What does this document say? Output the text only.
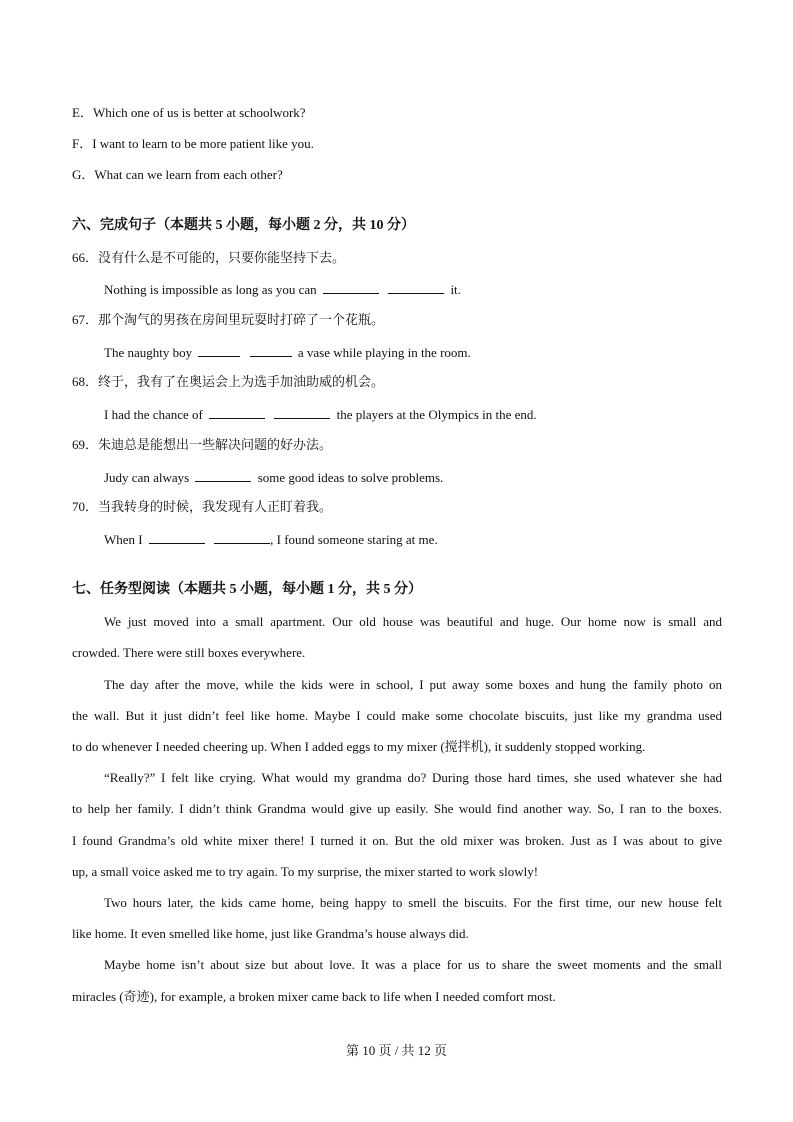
E．Which one of us is better at schoolwork?
F．I want to learn to be more patient like you.
G．What can we learn from each other?
六、完成句子（本题共 5 小题，每小题 2 分，共 10 分）
66．没有什么是不可能的，只要你能坚持下去。
Nothing is impossible as long as you can	it.
67．那个淘气的男孩在房间里玩耍时打碎了一个花瓶。
The naughty boy	a vase while playing in the room.
68．终于，我有了在奥运会上为选手加油助威的机会。
I had the chance of	the players at the Olympics in the end.
69．朱迪总是能想出一些解决问题的好办法。
Judy can always	some good ideas to solve problems.
70．当我转身的时候，我发现有人正盯着我。
When I	, I found someone staring at me.
七、任务型阅读（本题共 5 小题，每小题 1 分，共 5 分）
We just moved into a small apartment. Our old house was beautiful and huge. Our home now is small and
crowded. There were still boxes everywhere.
The day after the move, while the kids were in school, I put away some boxes and hung the family photo on
the wall. But it just didn’t feel like home. Maybe I could make some chocolate biscuits, just like my grandma used
to do whenever I needed cheering up. When I added eggs to my mixer (搅拌机), it suddenly stopped working.
“Really?” I felt like crying. What would my grandma do? During those hard times, she used whatever she had
to help her family. I didn’t think Grandma would give up easily. She would find another way. So, I ran to the boxes.
I found Grandma’s old white mixer there! I turned it on. But the old mixer was broken. Just as I was about to give
up, a small voice asked me to try again. To my surprise, the mixer started to work slowly!
Two hours later, the kids came home, being happy to smell the biscuits. For the first time, our new house felt
like home. It even smelled like home, just like Grandma’s house always did.
Maybe home isn’t about size but about love. It was a place for us to share the sweet moments and the small
miracles (奇迹), for example, a broken mixer came back to life when I needed comfort most.
第 10 页 / 共 12 页
